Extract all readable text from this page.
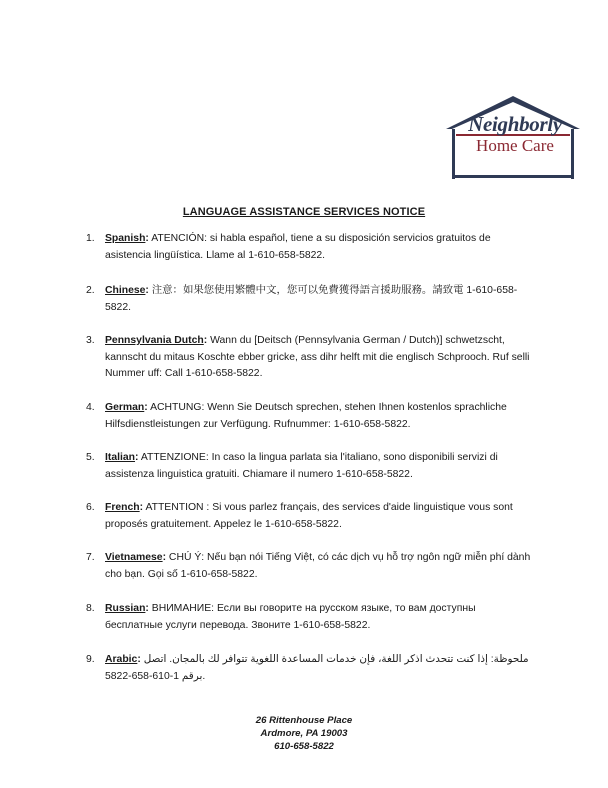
Neighborly
Home Care
LANGUAGE ASSISTANCE SERVICES NOTICE
1. Spanish: ATENCIÓN: si habla español, tiene a su disposición servicios gratuitos de asistencia lingüística. Llame al 1-610-658-5822.
2. Chinese: 注意：如果您使用繁體中文，您可以免費獲得語言援助服務。請致電 1-610-658-5822.
3. Pennsylvania Dutch: Wann du [Deitsch (Pennsylvania German / Dutch)] schwetzscht, kannscht du mitaus Koschte ebber gricke, ass dihr helft mit die englisch Schprooch. Ruf selli Nummer uff: Call 1-610-658-5822.
4. German: ACHTUNG: Wenn Sie Deutsch sprechen, stehen Ihnen kostenlos sprachliche Hilfsdienstleistungen zur Verfügung. Rufnummer: 1-610-658-5822.
5. Italian: ATTENZIONE: In caso la lingua parlata sia l'italiano, sono disponibili servizi di assistenza linguistica gratuiti. Chiamare il numero 1-610-658-5822.
6. French: ATTENTION : Si vous parlez français, des services d'aide linguistique vous sont proposés gratuitement. Appelez le 1-610-658-5822.
7. Vietnamese: CHÚ Ý: Nếu bạn nói Tiếng Việt, có các dịch vụ hỗ trợ ngôn ngữ miễn phí dành cho bạn. Gọi số 1-610-658-5822.
8. Russian: ВНИМАНИЕ: Если вы говорите на русском языке, то вам доступны бесплатные услуги перевода. Звоните 1-610-658-5822.
9. Arabic: ملحوظة: إذا كنت تتحدث اذكر اللغة، فإن خدمات المساعدة اللغوية تتوافر لك بالمجان. اتصل برقم 1-610-658-5822.
26 Rittenhouse Place
Ardmore, PA 19003
610-658-5822
